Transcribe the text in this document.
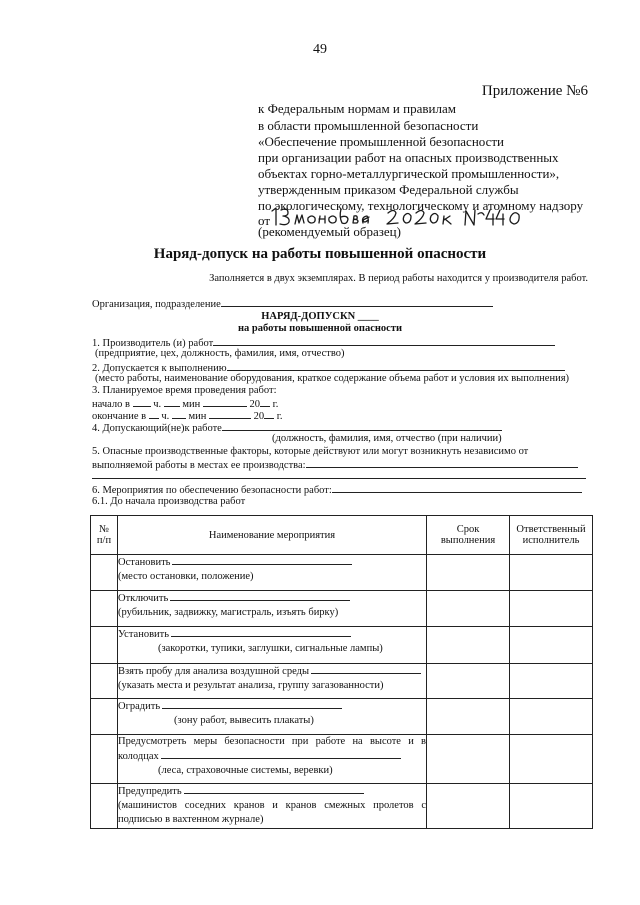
49
Приложение №6
к Федеральным нормам и правилам
в области промышленной безопасности
«Обеспечение промышленной безопасности
при организации работ на опасных производственных
объектах горно-металлургической промышленности»,
утвержденным приказом Федеральной службы
по экологическому, технологическому и атомному надзору
от
(рекомендуемый образец)
Наряд-допуск на работы повышенной опасности
Заполняется в двух экземплярах. В период работы находится у производителя работ.
Организация, подразделение
НАРЯД-ДОПУСКN ____
на работы повышенной опасности
1. Производитель (и) работ
(предприятие, цех, должность, фамилия, имя, отчество)
2. Допускается к выполнению
(место работы, наименование оборудования, краткое содержание объема работ и условия их выполнения)
3. Планируемое время проведения работ:
начало в ч. мин	20 г.
окончание в ч. мин	20 г.
4. Допускающий(не)к работе
(должность, фамилия, имя, отчество (при наличии)
5. Опасные производственные факторы, которые действуют или могут возникнуть независимо от
выполняемой работы в местах ее производства:
6. Мероприятия по обеспечению безопасности работ:
6.1. До начала производства работ
№ п/п	Наименование мероприятия	Срок выполнения	Ответственный исполнитель

	Остановить
(место остановки, положение)		

	Отключить
(рубильник, задвижку, магистраль, изъять бирку)		

	Установить
(закоротки, тупики, заглушки, сигнальные лампы)		

	Взять пробу для анализа воздушной среды
(указать места и результат анализа, группу загазованности)		

	Оградить
(зону работ, вывесить плакаты)		

	Предусмотреть меры безопасности при работе на высоте и в колодцах
(леса, страховочные системы, веревки)		

	Предупредить
(машинистов соседних кранов и кранов смежных пролетов с подписью в вахтенном журнале)		
